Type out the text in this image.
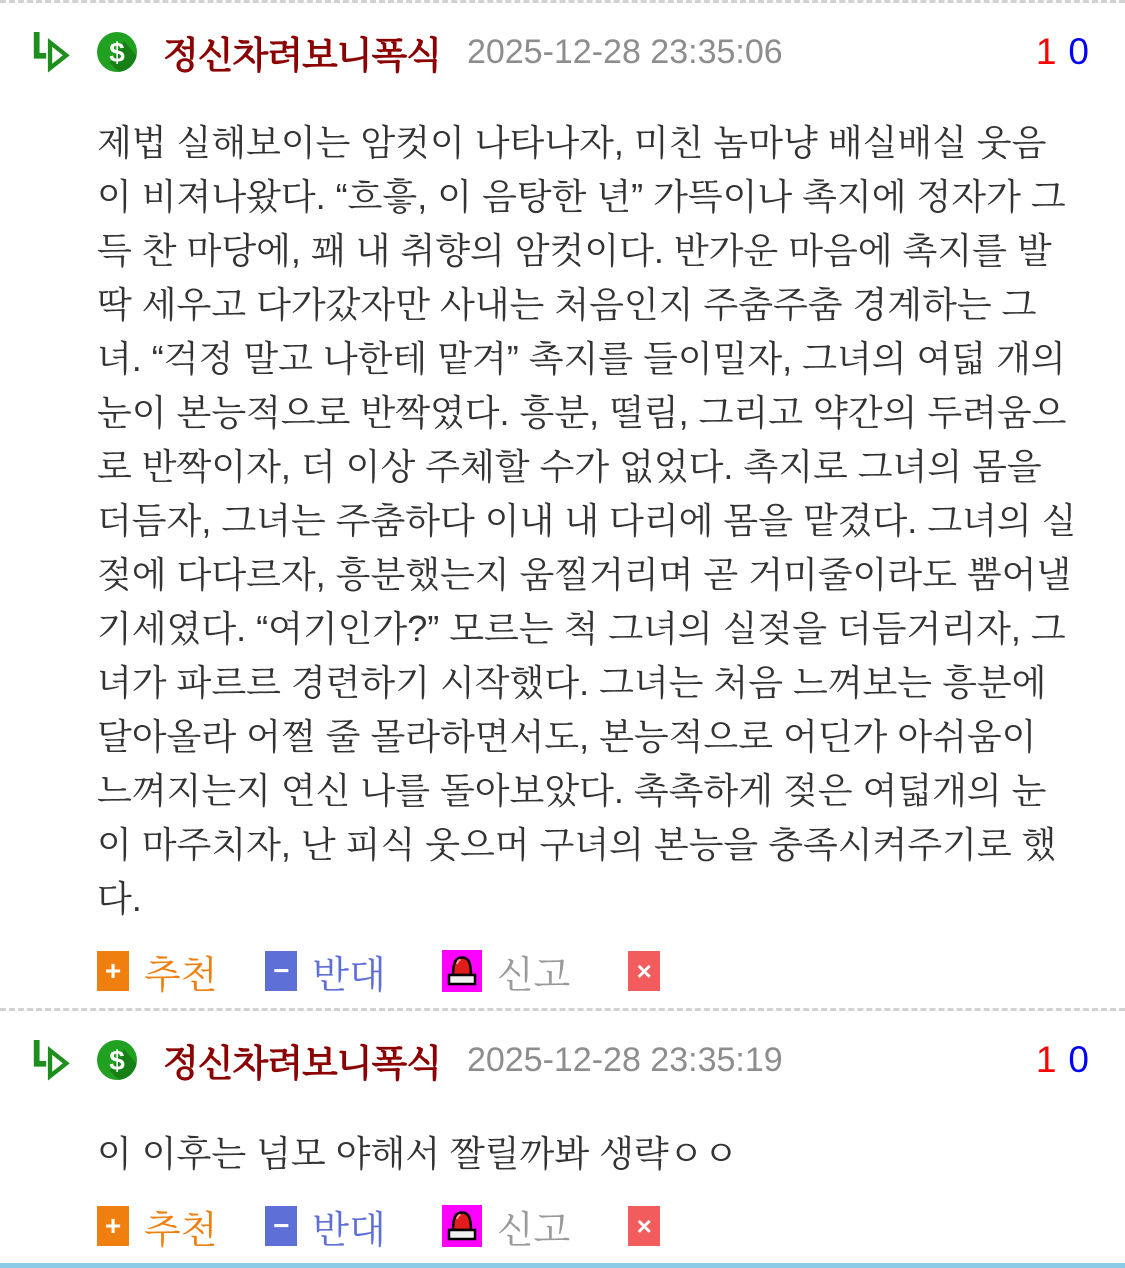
$ 정신차려보니폭식 2025-12-28 23:35:06	1 0
제법 실해보이는 암컷이 나타나자, 미친 놈마냥 배실배실 웃음이 비져나왔다. “흐흫, 이 음탕한 년” 가뜩이나 촉지에 정자가 그득 찬 마당에, 꽤 내 취향의 암컷이다. 반가운 마음에 촉지를 발딱 세우고 다가갔자만 사내는 처음인지 주춤주춤 경계하는 그녀. “걱정 말고 나한테 맡겨” 촉지를 들이밀자, 그녀의 여덟 개의 눈이 본능적으로 반짝였다. 흥분, 떨림, 그리고 약간의 두려움으로 반짝이자, 더 이상 주체할 수가 없었다. 촉지로 그녀의 몸을 더듬자, 그녀는 주춤하다 이내 내 다리에 몸을 맡겼다. 그녀의 실젖에 다다르자, 흥분했는지 움찔거리며 곧 거미줄이라도 뿜어낼 기세였다. “여기인가?” 모르는 척 그녀의 실젖을 더듬거리자, 그녀가 파르르 경련하기 시작했다. 그녀는 처음 느껴보는 흥분에 달아올라 어쩔 줄 몰라하면서도, 본능적으로 어딘가 아쉬움이 느껴지는지 연신 나를 돌아보았다. 촉촉하게 젖은 여덟개의 눈이 마주치자, 난 피식 웃으머 구녀의 본능을 충족시켜주기로 했다.
+ 추천 − 반대	신고	×
$ 정신차려보니폭식 2025-12-28 23:35:19	1 0
이 이후는 넘모 야해서 짤릴까봐 생략ㅇㅇ
+ 추천 − 반대	신고	×
